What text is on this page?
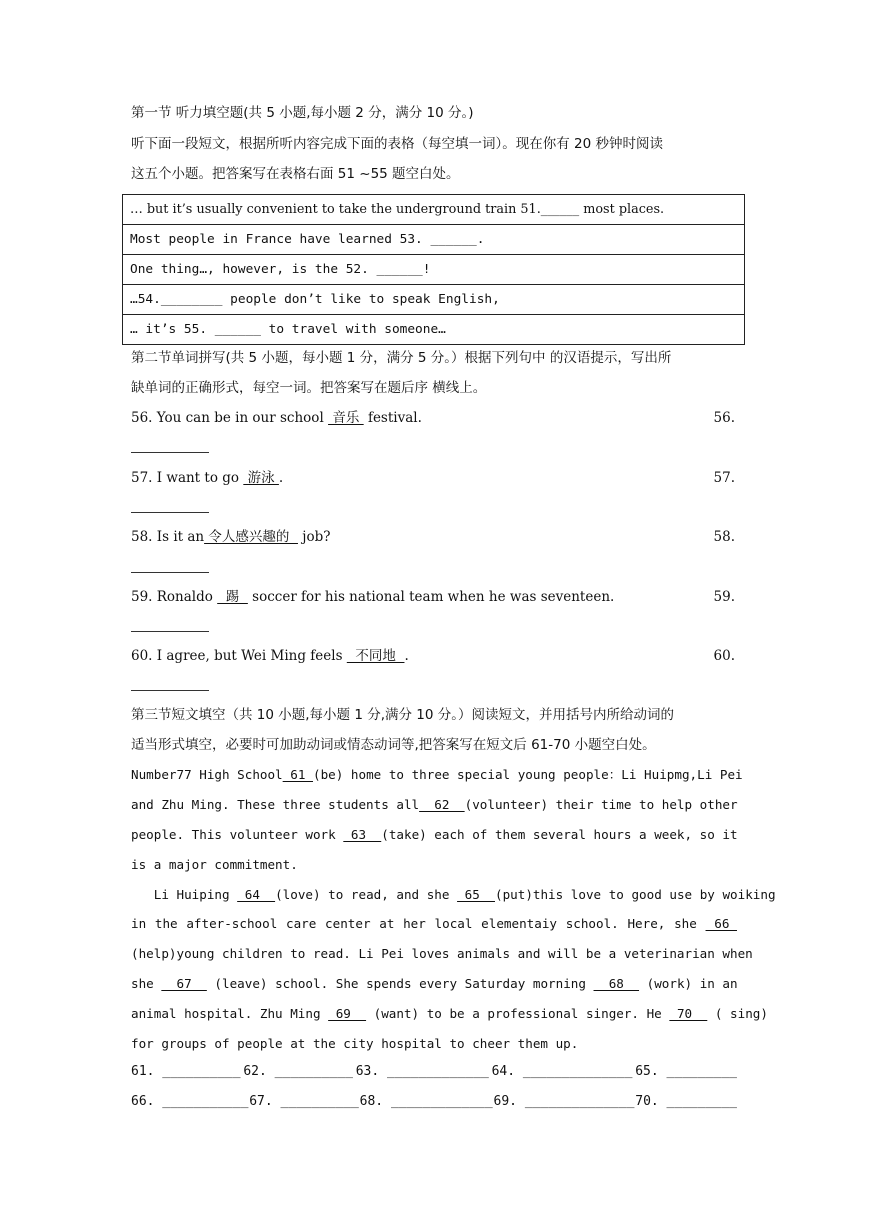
第一节 听力填空题(共 5 小题,每小题 2 分，满分 10 分。)
听下面一段短文，根据所听内容完成下面的表格（每空填一词）。现在你有 20 秒钟时阅读
这五个小题。把答案写在表格右面 51 ~55 题空白处。
… but it’s usually convenient to take the underground train 51.______ most places.
Most people in France have learned 53. ______.
One thing…, however, is the 52. ______!
…54.________ people don’t like to speak English,
… it’s 55. ______ to travel with someone…
第二节单词拼写(共 5 小题，每小题 1 分，满分 5 分。）根据下列句中 的汉语提示，写出所
缺单词的正确形式，每空一词。把答案写在题后序 横线上。
56. You can be in our school  音乐  festival.	56.
57. I want to go  游泳 .	57.
58. Is it an 令人感兴趣的   job?	58.
59. Ronaldo   踢   soccer for his national team when he was seventeen.	59.
60. I agree, but Wei Ming feels   不同地  .	60.
第三节短文填空（共 10 小题,每小题 1 分,满分 10 分。）阅读短文，并用括号内所给动词的
适当形式填空，必要时可加助动词或情态动词等,把答案写在短文后 61-70 小题空白处。
Number77 High School 61 (be) home to three special young people：Li Huipmg,Li Pei
and Zhu Ming. These three students all  62  (volunteer) their time to help other
people. This volunteer work  63  (take) each of them several hours a week, so it
is a major commitment.
Li Huiping  64  (love) to read, and she  65  (put)this love to good use by woiking
in the after-school care center at her local elementaiy school. Here, she  66
(help)young children to read. Li Pei loves animals and will be a veterinarian when
she   67   (leave) school. She spends every Saturday morning   68   (work) in an
animal hospital. Zhu Ming  69   (want) to be a professional singer. He  70   ( sing)
for groups of people at the city hospital to cheer them up.
61. __________ 62. __________ 63. _____________ 64. ______________ 65. _________
66. ___________ 67. __________ 68. _____________ 69. ______________ 70. _________
